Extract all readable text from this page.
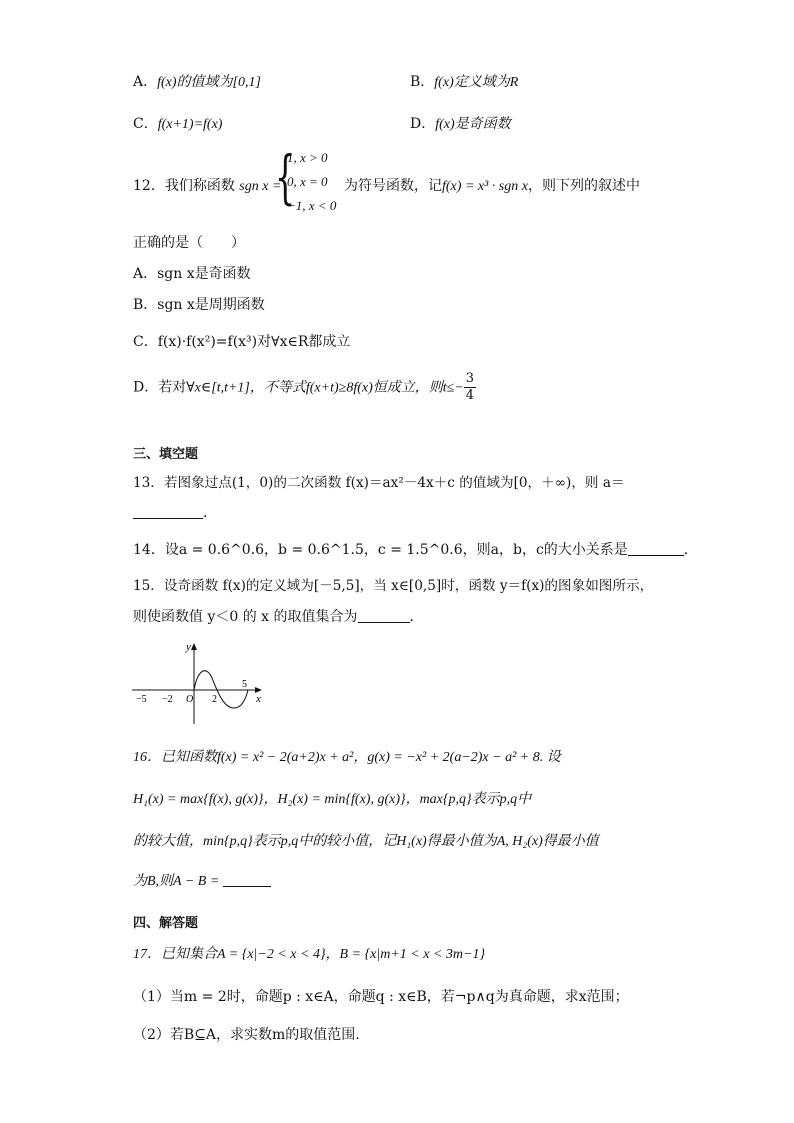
A．f(x)的值域为[0,1]	B．f(x)定义域为R
C．f(x+1)=f(x)	D．f(x)是奇函数
12．我们称函数 sgn x =
{
1, x > 0
0, x = 0
−1, x < 0
为符号函数，记f(x) = x³ · sgn x，则下列的叙述中
正确的是（　　）
A．sgn x是奇函数
B．sgn x是周期函数
C．f(x)·f(x²)=f(x³)对∀x∈R都成立
D．若对∀x∈[t,t+1]，不等式f(x+t)≥8f(x)恒成立，则$t\le- \frac{3}{4}$
三、填空题
13．若图象过点(1，0)的二次函数 f(x)＝ax²－4x＋c 的值域为[0，＋∞)，则 a＝
.
14．设a = 0.6^0.6，b = 0.6^1.5，c = 1.5^0.6，则a，b，c的大小关系是	.
15．设奇函数 f(x)的定义域为[－5,5]，当 x∈[0,5]时，函数 y＝f(x)的图象如图所示，
则使函数值 y＜0 的 x 的取值集合为	.
y
x
−5 −2 O 2
5
16．已知函数f(x) = x² − 2(a+2)x + a²，g(x) = −x² + 2(a−2)x − a² + 8. 设
H₁(x) = max{f(x), g(x)}，H₂(x) = min{f(x), g(x)}，max{p,q}表示p,q中
的较大值，min{p,q}表示p,q中的较小值，记H₁(x)得最小值为A, H₂(x)得最小值
为B,则A − B =
四、解答题
17．已知集合A = {x|−2 < x < 4}，B = {x|m+1 < x < 3m−1}
（1）当m = 2时，命题p : x∈A，命题q : x∈B，若¬p∧q为真命题，求x范围；
（2）若B⊆A，求实数m的取值范围.
